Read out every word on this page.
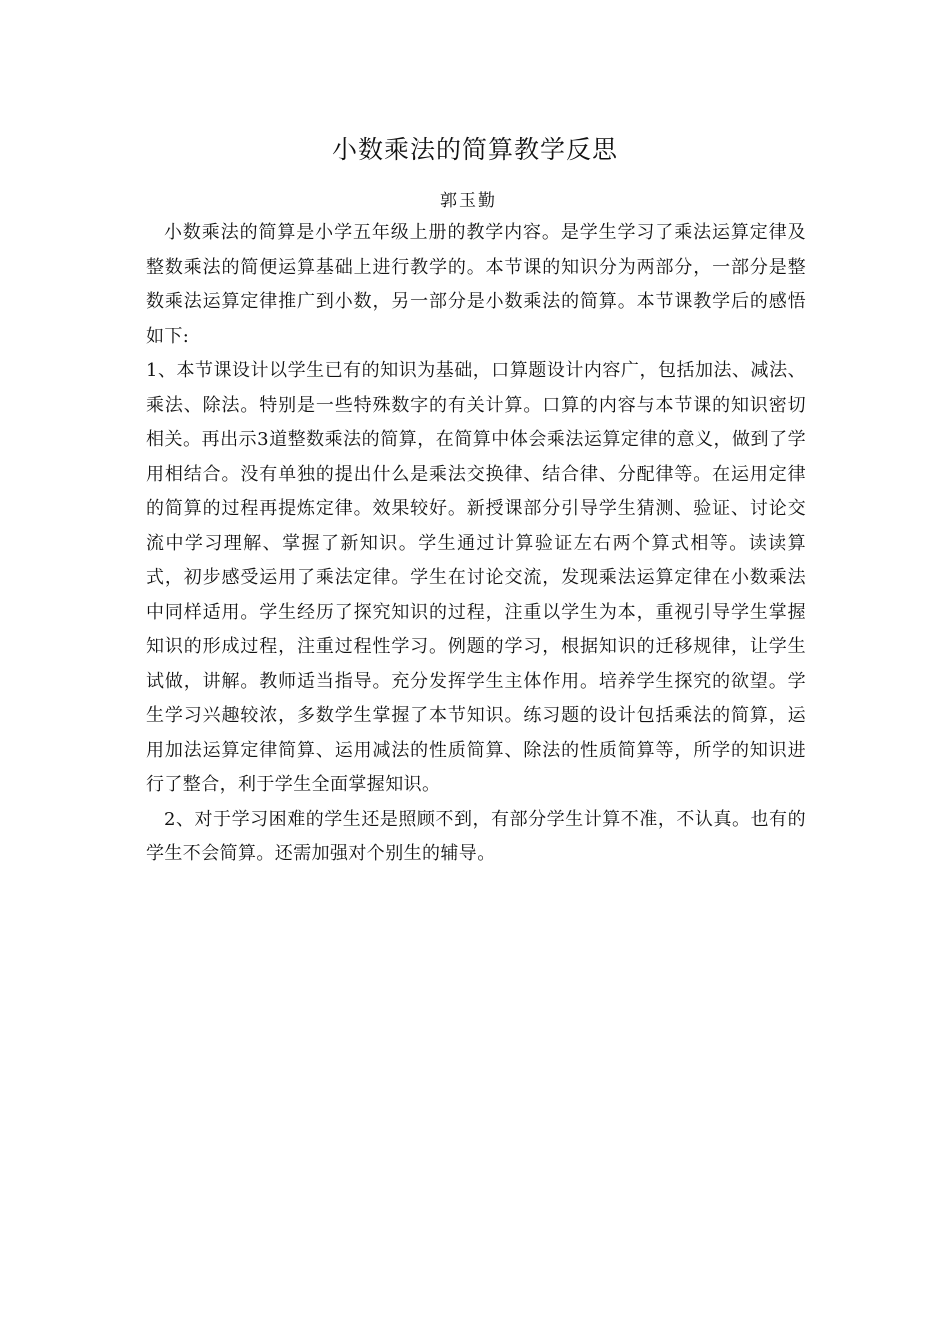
小数乘法的简算教学反思
郭玉勤

小数乘法的简算是小学五年级上册的教学内容。是学生学习了乘法运算定律及整数乘法的简便运算基础上进行教学的。本节课的知识分为两部分，一部分是整数乘法运算定律推广到小数，另一部分是小数乘法的简算。本节课教学后的感悟如下:

1、本节课设计以学生已有的知识为基础，口算题设计内容广，包括加法、减法、乘法、除法。特别是一些特殊数字的有关计算。口算的内容与本节课的知识密切相关。再出示3道整数乘法的简算，在简算中体会乘法运算定律的意义，做到了学用相结合。没有单独的提出什么是乘法交换律、结合律、分配律等。在运用定律的简算的过程再提炼定律。效果较好。新授课部分引导学生猜测、验证、讨论交流中学习理解、掌握了新知识。学生通过计算验证左右两个算式相等。读读算式，初步感受运用了乘法定律。学生在讨论交流，发现乘法运算定律在小数乘法中同样适用。学生经历了探究知识的过程，注重以学生为本，重视引导学生掌握知识的形成过程，注重过程性学习。例题的学习，根据知识的迁移规律，让学生试做，讲解。教师适当指导。充分发挥学生主体作用。培养学生探究的欲望。学生学习兴趣较浓，多数学生掌握了本节知识。练习题的设计包括乘法的简算，运用加法运算定律简算、运用减法的性质简算、除法的性质简算等，所学的知识进行了整合，利于学生全面掌握知识。

2、对于学习困难的学生还是照顾不到，有部分学生计算不准，不认真。也有的学生不会简算。还需加强对个别生的辅导。
